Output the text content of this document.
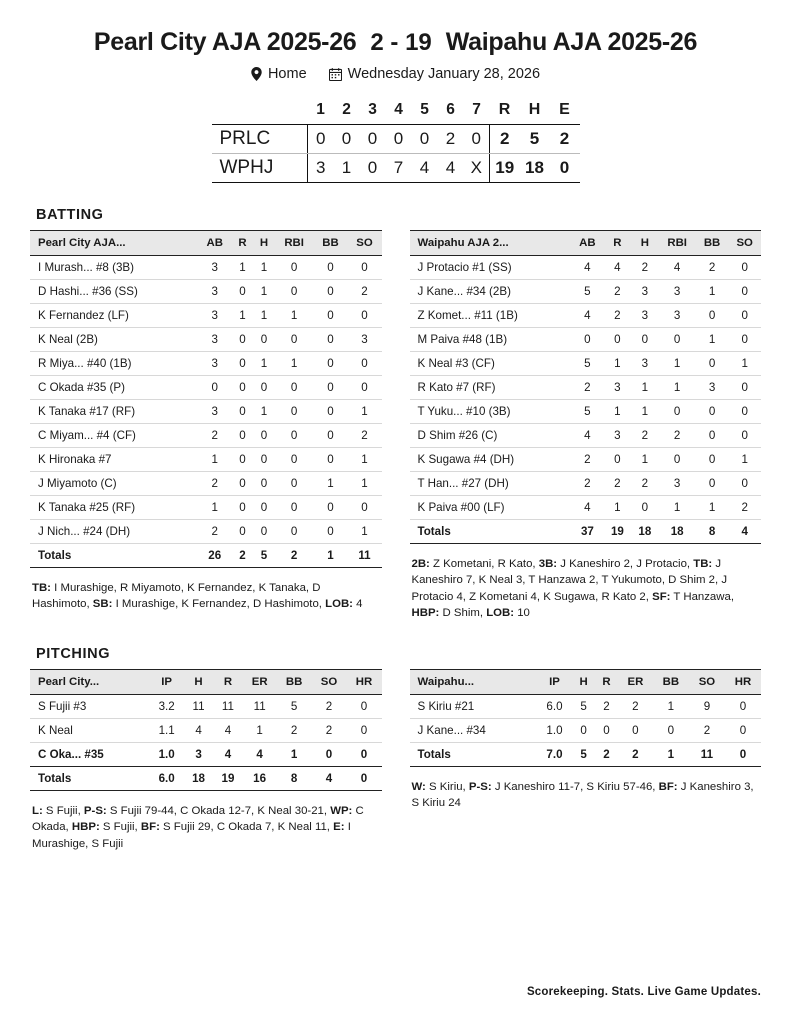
Pearl City AJA 2025-26 2 - 19 Waipahu AJA 2025-26
Home	Wednesday January 28, 2026
	1	2	3	4	5	6	7	R	H	E
PRLC	0	0	0	0	0	2	0	2	5	2
WPHJ	3	1	0	7	4	4	X	19	18	0
BATTING
Pearl City AJA...	AB	R	H	RBI	BB	SO
I Murash... #8 (3B)	3	1	1	0	0	0
D Hashi... #36 (SS)	3	0	1	0	0	2
K Fernandez (LF)	3	1	1	1	0	0
K Neal (2B)	3	0	0	0	0	3
R Miya... #40 (1B)	3	0	1	1	0	0
C Okada #35 (P)	0	0	0	0	0	0
K Tanaka #17 (RF)	3	0	1	0	0	1
C Miyam... #4 (CF)	2	0	0	0	0	2
K Hironaka #7	1	0	0	0	0	1
J Miyamoto (C)	2	0	0	0	1	1
K Tanaka #25 (RF)	1	0	0	0	0	0
J Nich... #24 (DH)	2	0	0	0	0	1
Totals	26	2	5	2	1	11
TB: I Murashige, R Miyamoto, K Fernandez, K Tanaka, D Hashimoto, SB: I Murashige, K Fernandez, D Hashimoto, LOB: 4
Waipahu AJA 2...	AB	R	H	RBI	BB	SO
J Protacio #1 (SS)	4	4	2	4	2	0
J Kane... #34 (2B)	5	2	3	3	1	0
Z Komet... #11 (1B)	4	2	3	3	0	0
M Paiva #48 (1B)	0	0	0	0	1	0
K Neal #3 (CF)	5	1	3	1	0	1
R Kato #7 (RF)	2	3	1	1	3	0
T Yuku... #10 (3B)	5	1	1	0	0	0
D Shim #26 (C)	4	3	2	2	0	0
K Sugawa #4 (DH)	2	0	1	0	0	1
T Han... #27 (DH)	2	2	2	3	0	0
K Paiva #00 (LF)	4	1	0	1	1	2
Totals	37	19	18	18	8	4
2B: Z Kometani, R Kato, 3B: J Kaneshiro 2, J Protacio, TB: J Kaneshiro 7, K Neal 3, T Hanzawa 2, T Yukumoto, D Shim 2, J Protacio 4, Z Kometani 4, K Sugawa, R Kato 2, SF: T Hanzawa, HBP: D Shim, LOB: 10
PITCHING
Pearl City...	IP	H	R	ER	BB	SO	HR
S Fujii #3	3.2	11	11	11	5	2	0
K Neal	1.1	4	4	1	2	2	0
C Oka... #35	1.0	3	4	4	1	0	0
Totals	6.0	18	19	16	8	4	0
L: S Fujii, P-S: S Fujii 79-44, C Okada 12-7, K Neal 30-21, WP: C Okada, HBP: S Fujii, BF: S Fujii 29, C Okada 7, K Neal 11, E: I Murashige, S Fujii
Waipahu...	IP	H	R	ER	BB	SO	HR
S Kiriu #21	6.0	5	2	2	1	9	0
J Kane... #34	1.0	0	0	0	0	2	0
Totals	7.0	5	2	2	1	11	0
W: S Kiriu, P-S: J Kaneshiro 11-7, S Kiriu 57-46, BF: J Kaneshiro 3, S Kiriu 24
Scorekeeping. Stats. Live Game Updates.
